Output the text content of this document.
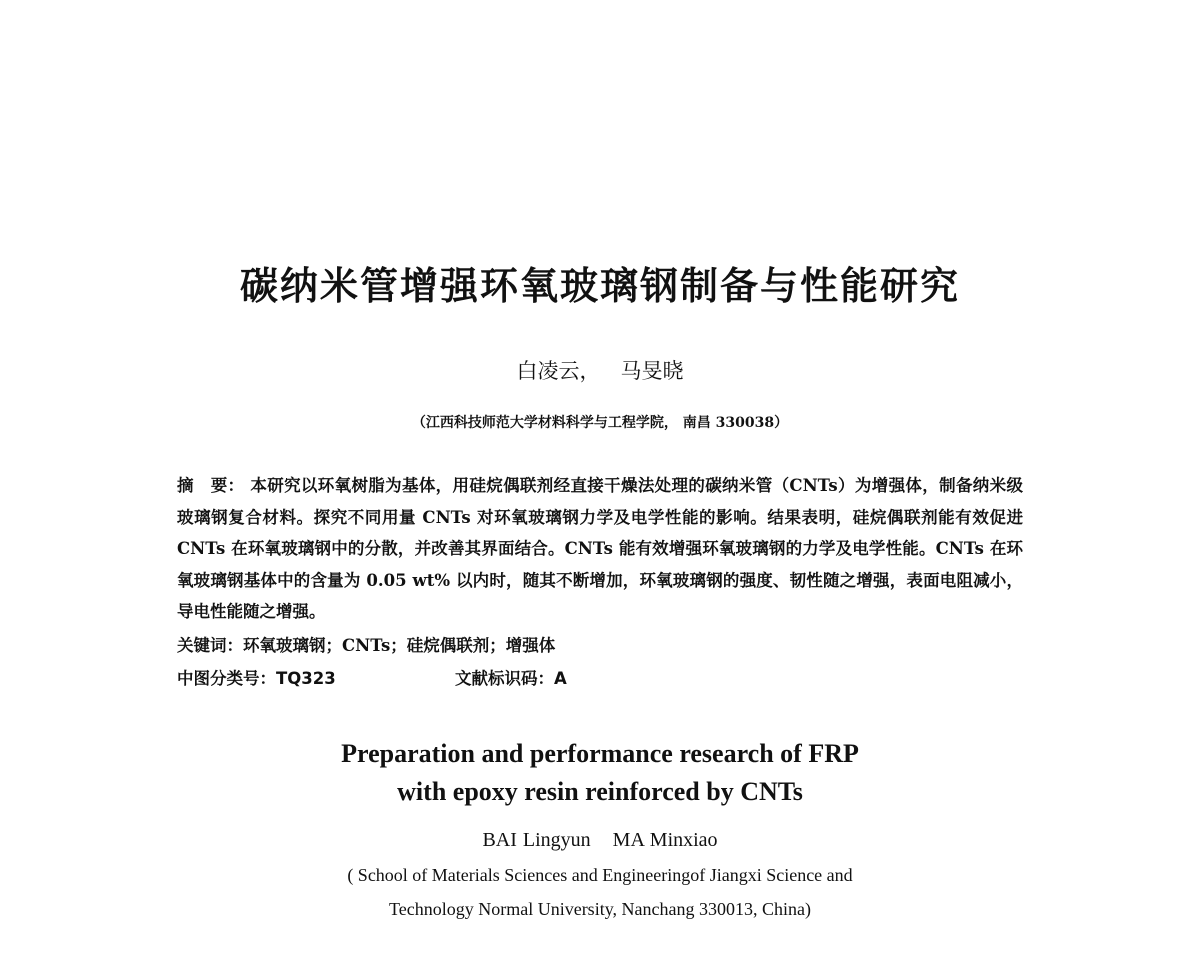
碳纳米管增强环氧玻璃钢制备与性能研究
白凌云， 马旻晓
（江西科技师范大学材料科学与工程学院， 南昌 330038）
摘　要： 本研究以环氧树脂为基体，用硅烷偶联剂经直接干燥法处理的碳纳米管（CNTs）为增强体，制备纳米级玻璃钢复合材料。探究不同用量 CNTs 对环氧玻璃钢力学及电学性能的影响。结果表明，硅烷偶联剂能有效促进 CNTs 在环氧玻璃钢中的分散，并改善其界面结合。CNTs 能有效增强环氧玻璃钢的力学及电学性能。CNTs 在环氧玻璃钢基体中的含量为 0.05 wt% 以内时，随其不断增加，环氧玻璃钢的强度、韧性随之增强，表面电阻减小，导电性能随之增强。
关键词：环氧玻璃钢；CNTs；硅烷偶联剂；增强体
中图分类号：TQ323	文献标识码：A
Preparation and performance research of FRP
with epoxy resin reinforced by CNTs
BAI Lingyun MA Minxiao
( School of Materials Sciences and Engineeringof Jiangxi Science and
Technology Normal University, Nanchang 330013, China)
